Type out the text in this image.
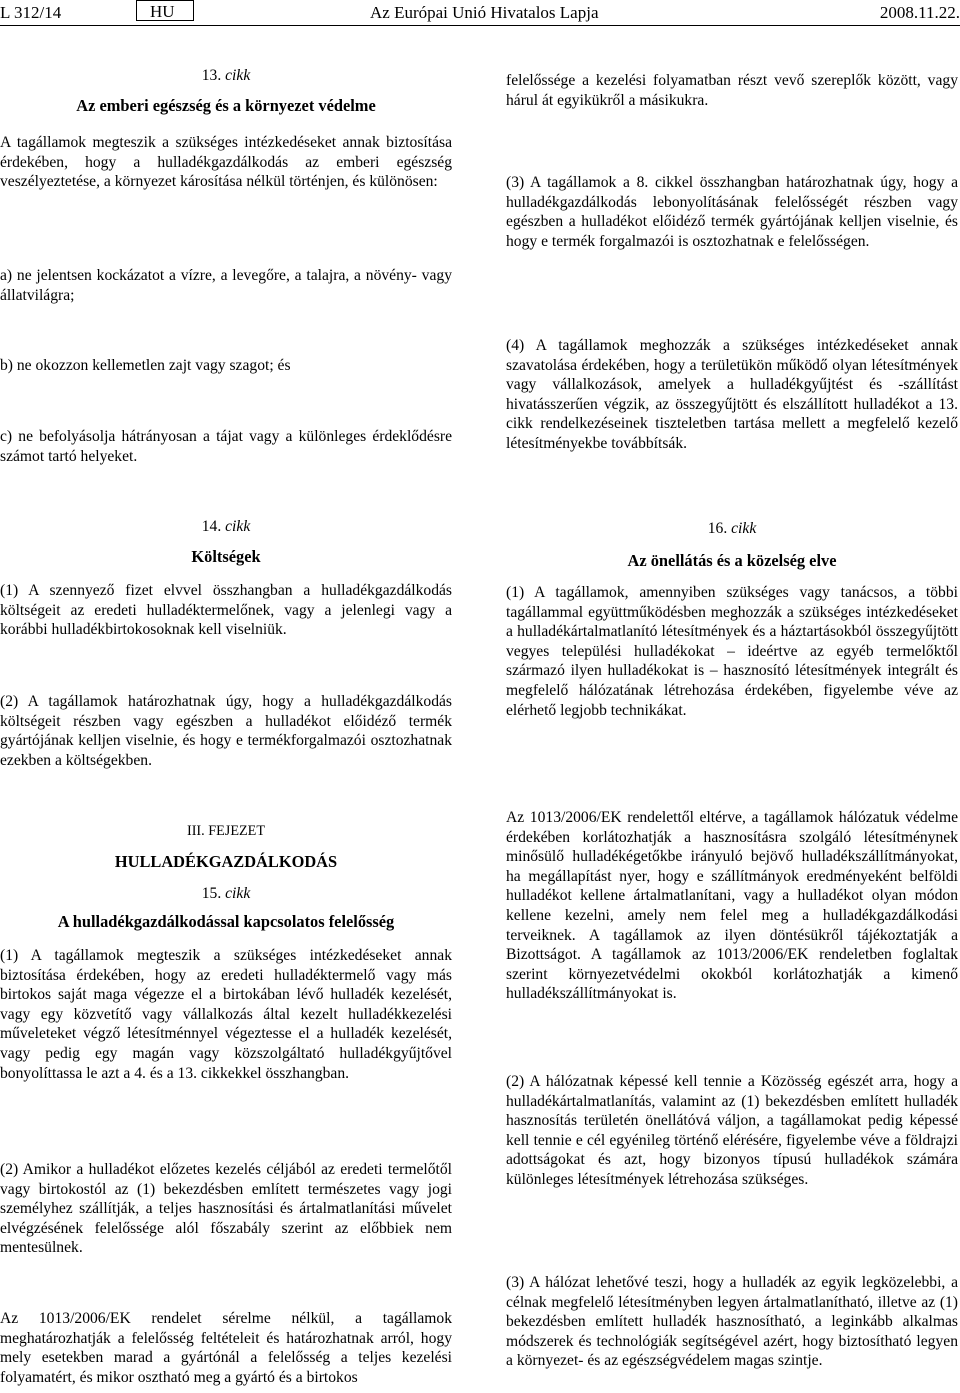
L 312/14	HU	Az Európai Unió Hivatalos Lapja	2008.11.22.

13. cikk

Az emberi egészség és a környezet védelme

A tagállamok megteszik a szükséges intézkedéseket annak biztosítása érdekében, hogy a hulladékgazdálkodás az emberi egészség veszélyeztetése, a környezet károsítása nélkül történjen, és különösen:

a) ne jelentsen kockázatot a vízre, a levegőre, a talajra, a növény- vagy állatvilágra;

b) ne okozzon kellemetlen zajt vagy szagot; és

c) ne befolyásolja hátrányosan a tájat vagy a különleges érdeklődésre számot tartó helyeket.

14. cikk

Költségek

(1) A szennyező fizet elvvel összhangban a hulladékgazdálkodás költségeit az eredeti hulladéktermelőnek, vagy a jelenlegi vagy a korábbi hulladékbirtokosoknak kell viselniük.

(2) A tagállamok határozhatnak úgy, hogy a hulladékgazdálkodás költségeit részben vagy egészben a hulladékot előidéző termék gyártójának kelljen viselnie, és hogy e termékforgalmazói osztozhatnak ezekben a költségekben.

III. FEJEZET

HULLADÉKGAZDÁLKODÁS

15. cikk

A hulladékgazdálkodással kapcsolatos felelősség

(1) A tagállamok megteszik a szükséges intézkedéseket annak biztosítása érdekében, hogy az eredeti hulladéktermelő vagy más birtokos saját maga végezze el a birtokában lévő hulladék kezelését, vagy egy közvetítő vagy vállalkozás által kezelt hulladékkezelési műveleteket végző létesítménnyel végeztesse el a hulladék kezelését, vagy pedig egy magán vagy közszolgáltató hulladékgyűjtővel bonyolíttassa le azt a 4. és a 13. cikkekkel összhangban.

(2) Amikor a hulladékot előzetes kezelés céljából az eredeti termelőtől vagy birtokostól az (1) bekezdésben említett természetes vagy jogi személyhez szállítják, a teljes hasznosítási és ártalmatlanítási művelet elvégzésének felelőssége alól főszabály szerint az előbbiek nem mentesülnek.

Az 1013/2006/EK rendelet sérelme nélkül, a tagállamok meghatározhatják a felelősség feltételeit és határozhatnak arról, hogy mely esetekben marad a gyártónál a felelősség a teljes kezelési folyamatért, és mikor osztható meg a gyártó és a birtokos

felelőssége a kezelési folyamatban részt vevő szereplők között, vagy hárul át egyikükről a másikukra.

(3) A tagállamok a 8. cikkel összhangban határozhatnak úgy, hogy a hulladékgazdálkodás lebonyolításának felelősségét részben vagy egészben a hulladékot előidéző termék gyártójának kelljen viselnie, és hogy e termék forgalmazói is osztozhatnak e felelősségen.

(4) A tagállamok meghozzák a szükséges intézkedéseket annak szavatolása érdekében, hogy a területükön működő olyan létesítmények vagy vállalkozások, amelyek a hulladékgyűjtést és -szállítást hivatásszerűen végzik, az összegyűjtött és elszállított hulladékot a 13. cikk rendelkezéseinek tiszteletben tartása mellett a megfelelő kezelő létesítményekbe továbbítsák.

16. cikk

Az önellátás és a közelség elve

(1) A tagállamok, amennyiben szükséges vagy tanácsos, a többi tagállammal együttműködésben meghozzák a szükséges intézkedéseket a hulladékártalmatlanító létesítmények és a háztartásokból összegyűjtött vegyes települési hulladékokat – ideértve az egyéb termelőktől származó ilyen hulladékokat is – hasznosító létesítmények integrált és megfelelő hálózatának létrehozása érdekében, figyelembe véve az elérhető legjobb technikákat.

Az 1013/2006/EK rendelettől eltérve, a tagállamok hálózatuk védelme érdekében korlátozhatják a hasznosításra szolgáló létesítménynek minősülő hulladékégetőkbe irányuló bejövő hulladékszállítmányokat, ha megállapítást nyer, hogy e szállítmányok eredményeként belföldi hulladékot kellene ártalmatlanítani, vagy a hulladékot olyan módon kellene kezelni, amely nem felel meg a hulladékgazdálkodási terveiknek. A tagállamok az ilyen döntésükről tájékoztatják a Bizottságot. A tagállamok az 1013/2006/EK rendeletben foglaltak szerint környezetvédelmi okokból korlátozhatják a kimenő hulladékszállítmányokat is.

(2) A hálózatnak képessé kell tennie a Közösség egészét arra, hogy a hulladékártalmatlanítás, valamint az (1) bekezdésben említett hulladék hasznosítás területén önellátóvá váljon, a tagállamokat pedig képessé kell tennie e cél egyénileg történő elérésére, figyelembe véve a földrajzi adottságokat és azt, hogy bizonyos típusú hulladékok számára különleges létesítmények létrehozása szükséges.

(3) A hálózat lehetővé teszi, hogy a hulladék az egyik legközelebbi, a célnak megfelelő létesítményben legyen ártalmatlanítható, illetve az (1) bekezdésben említett hulladék hasznosítható, a leginkább alkalmas módszerek és technológiák segítségével azért, hogy biztosítható legyen a környezet- és az egészségvédelem magas szintje.
